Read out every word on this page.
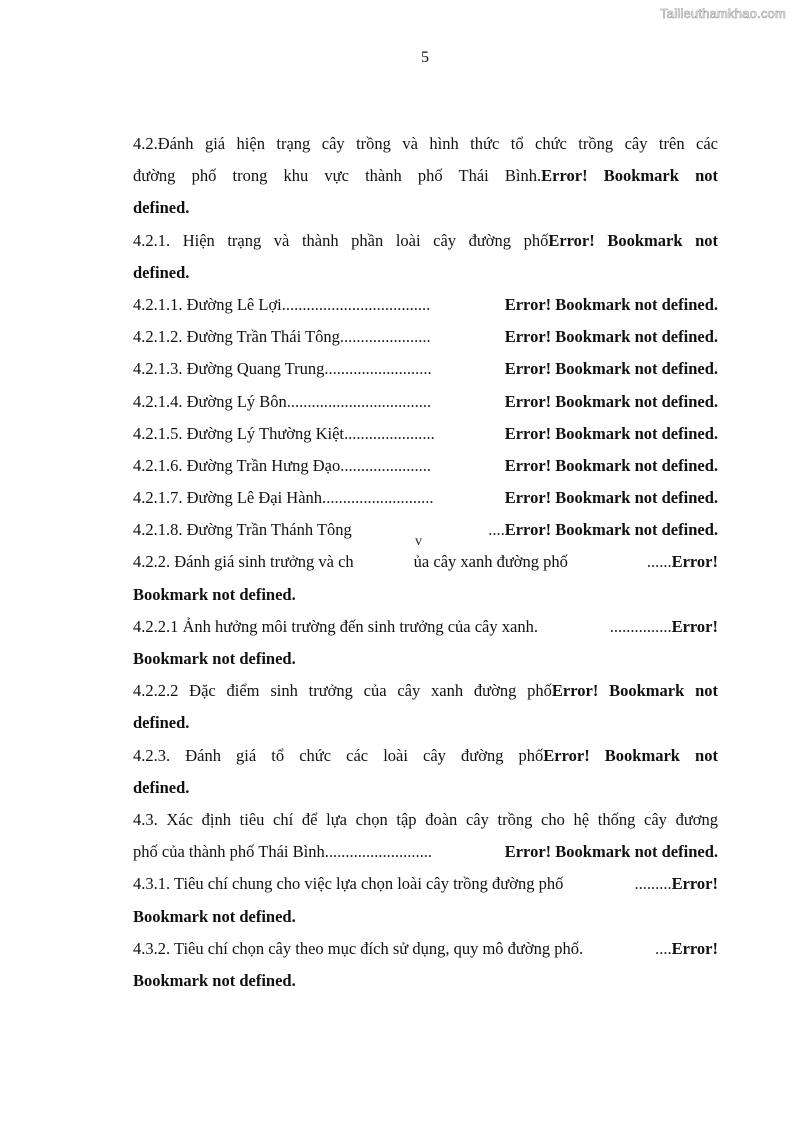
Tailieuthamkhao.com
5
4.2.Đánh giá hiện trạng cây trồng và hình thức tổ chức trồng cây trên các
đường phố trong khu vực thành phố Thái Bình.Error! Bookmark not
defined.
4.2.1. Hiện trạng và thành phần loài cây đường phốError! Bookmark not
defined.
4.2.1.1. Đường Lê Lợi ....................................	Error! Bookmark not defined.
4.2.1.2. Đường Trần Thái Tông ......................	Error! Bookmark not defined.
4.2.1.3. Đường Quang Trung ..........................	Error! Bookmark not defined.
4.2.1.4. Đường Lý Bôn ...................................	Error! Bookmark not defined.
4.2.1.5. Đường Lý Thường Kiệt ......................	Error! Bookmark not defined.
4.2.1.6. Đường Trần Hưng Đạo ......................	Error! Bookmark not defined.
4.2.1.7. Đường Lê Đại Hành. ..........................	Error! Bookmark not defined.
4.2.1.8. Đường Trần Thánh Tông	.... Error! Bookmark not defined.
4.2.2. Đánh giá sinh trưởng và ch	ủa cây xanh đường phố	...... Error!
Bookmark not defined.
4.2.2.1 Ảnh hưởng môi trường đến sinh trưởng của cây xanh.	............... Error!
Bookmark not defined.
4.2.2.2 Đặc điểm sinh trưởng của cây xanh đường phốError! Bookmark not
defined.
4.2.3. Đánh giá tổ chức các loài cây đường phốError! Bookmark not
defined.
4.3. Xác định tiêu chí để lựa chọn tập đoàn cây trồng cho hệ thống cây đương
phố của thành phố Thái Bình. .........................	Error! Bookmark not defined.
4.3.1. Tiêu chí chung cho việc lựa chọn loài cây trồng đường phố	......... Error!
Bookmark not defined.
4.3.2. Tiêu chí chọn cây theo mục đích sử dụng, quy mô đường phố.	.... Error!
Bookmark not defined.
v
